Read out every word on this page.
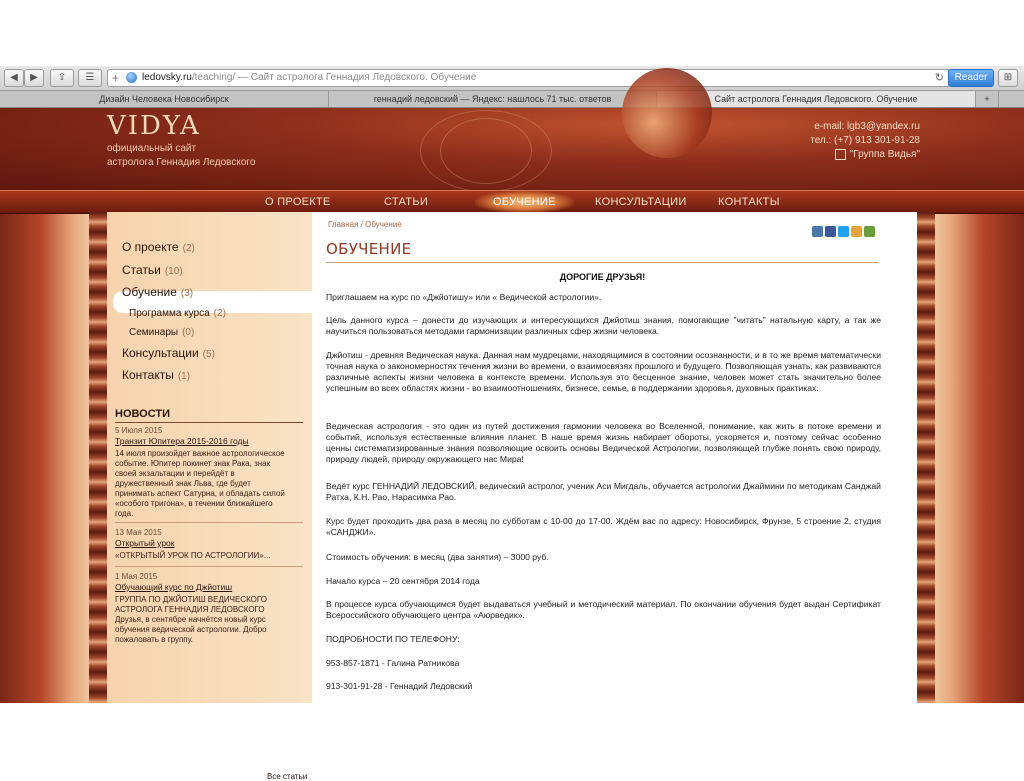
◀	▶	⇪	☰	+ ledovsky.ru/teaching/ — Сайт астролога Геннадия Ледовского. Обучение	↻	Reader	⊞
Дизайн Человека Новосибирск	геннадий ледовский — Яндекс: нашлось 71 тыс. ответов	Сайт астролога Геннадия Ледовского. Обучение	+
VIDYA
официальный сайт
астролога Геннадия Ледовского
e-mail: lgb3@yandex.ru
тел.: (+7) 913 301-91-28
"Группа Видья"
О ПРОЕКТЕ	СТАТЬИ	ОБУЧЕНИЕ	КОНСУЛЬТАЦИИ	КОНТАКТЫ
О проекте (2)
Статьи (10)
Обучение (3)
Программа курса (2)
Семинары (0)
Консультации (5)
Контакты (1)
НОВОСТИ
5 Июля 2015
Транзит Юпитера 2015-2016 годы
14 июля произойдет важное астрологическое событие. Юпитер покинет знак Рака, знак своей экзальтации и перейдёт в дружественный знак Льва, где будет принимать аспект Сатурна, и обладать силой «особого тригона», в течении ближайшего года.
13 Мая 2015
Открытый урок
«ОТКРЫТЫЙ УРОК ПО АСТРОЛОГИИ»...
1 Мая 2015
Обучающий курс по Джйотиш
ГРУППА ПО ДЖЙОТИШ ВЕДИЧЕСКОГО АСТРОЛОГА ГЕННАДИЯ ЛЕДОВСКОГО Друзья, в сентябре начнётся новый курс обучения ведической астрологии. Добро пожаловать в группу.
Все статьи
Главная / Обучение
ОБУЧЕНИЕ
ДОРОГИЕ ДРУЗЬЯ!
Приглашаем на курс по «Джйотишу» или « Ведической астрологии».
Цель данного курса – донести до изучающих и интересующихся Джйотиш знания, помогающие "читать" натальную карту, а так же научиться пользоваться методами гармонизации различных сфер жизни человека.
Джйотиш - древняя Ведическая наука. Данная нам мудрецами, находящимися в состоянии осознанности, и в то же время математически точная наука о закономерностях течения жизни во времени, о взаимосвязях прошлого и будущего. Позволяющая узнать, как развиваются различные аспекты жизни человека в контексте времени. Используя это бесценное знание, человек может стать значительно более успешным во всех областях жизни - во взаимоотношениях, бизнесе, семье, в поддержании здоровья, духовных практиках.
Ведическая астрология - это один из путей достижения гармонии человека во Вселенной, понимание, как жить в потоке времени и событий, используя естественные влияния планет. В наше время жизнь набирает обороты, ускоряется и, поэтому сейчас особенно ценны систематизированные знания позволяющие освоить основы Ведической Астрологии, позволяющей глубже понять свою природу, природу людей, природу окружающего нас Мира!
Ведёт курс ГЕННАДИЙ ЛЕДОВСКИЙ, ведический астролог, ученик Аси Мигдаль, обучается астрологии Джаймини по методикам Санджай Ратха, К.Н. Рао, Нарасимха Рао.
Курс будет проходить два раза в месяц по субботам с 10-00 до 17-00. Ждём вас по адресу: Новосибирск, Фрунзе, 5 строение 2, студия «САНДЖИ».
Стоимость обучения: в месяц (два занятия) – 3000 руб.
Начало курса – 20 сентября 2014 года
В процессе курса обучающимся будет выдаваться учебный и методический материал. По окончании обучения будет выдан Сертификат Всероссийского обучающего центра «Аюрведик».
ПОДРОБНОСТИ ПО ТЕЛЕФОНУ:
953-857-1871 - Галина Ратникова
913-301-91-28 - Геннадий Ледовский
